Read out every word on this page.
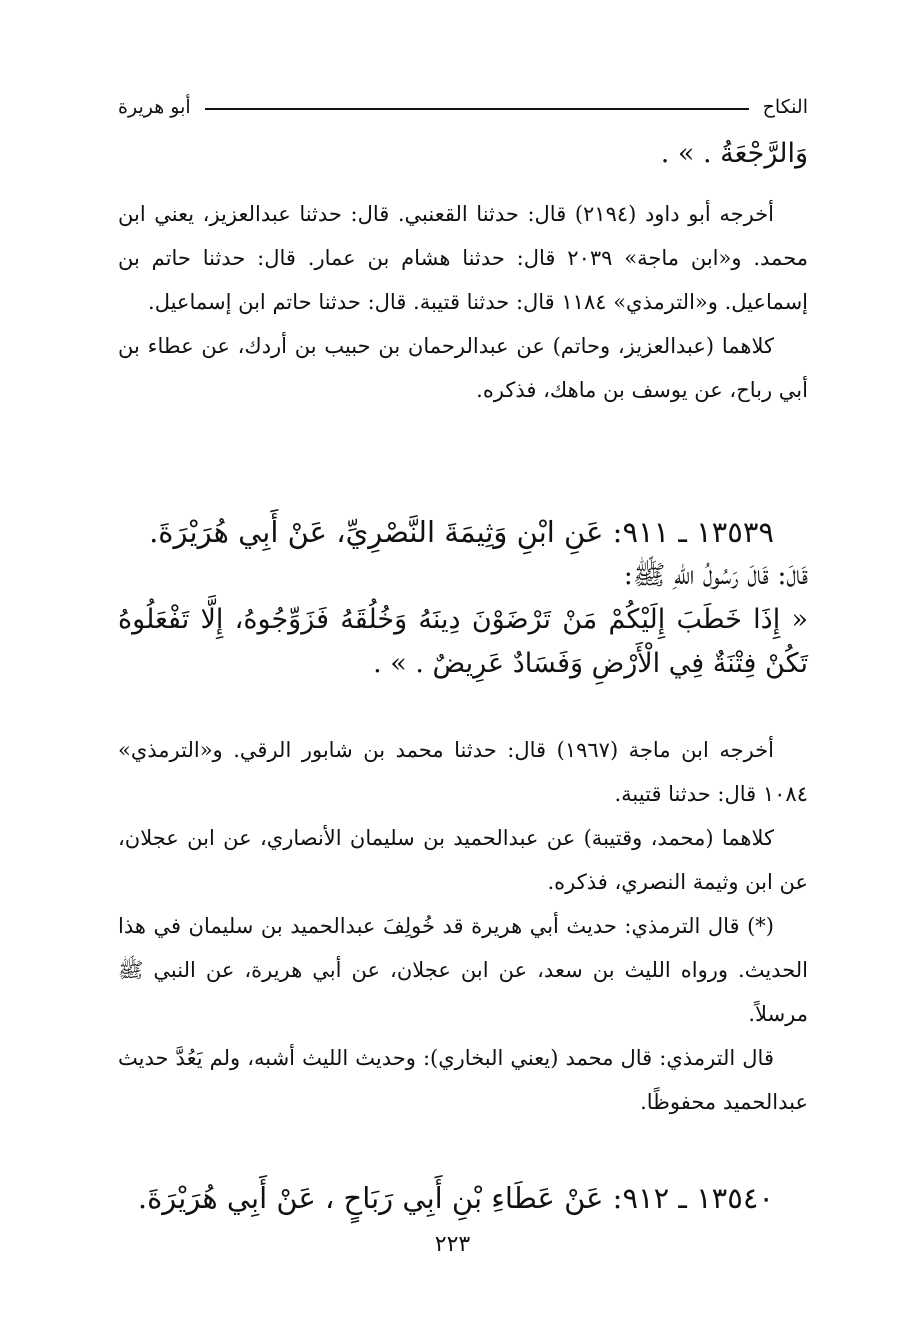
النكاح
أبو هريرة

وَالرَّجْعَةُ . » .

أخرجه أبو داود (٢١٩٤) قال: حدثنا القعنبي. قال: حدثنا عبدالعزيز، يعني ابن محمد. و«ابن ماجة» ٢٠٣٩ قال: حدثنا هشام بن عمار. قال: حدثنا حاتم بن إسماعيل. و«الترمذي» ١١٨٤ قال: حدثنا قتيبة. قال: حدثنا حاتم ابن إسماعيل.

كلاهما (عبدالعزيز، وحاتم) عن عبدالرحمان بن حبيب بن أردك، عن عطاء بن أبي رباح، عن يوسف بن ماهك، فذكره.

١٣٥٣٩ ـ ٩١١: عَنِ ابْنِ وَثِيمَةَ النَّصْرِيِّ، عَنْ أَبِي هُرَيْرَةَ.

قَالَ: قَالَ رَسُولُ اللهِ ﷺ:

« إِذَا خَطَبَ إِلَيْكُمْ مَنْ تَرْضَوْنَ دِينَهُ وَخُلُقَهُ فَزَوِّجُوهُ، إِلَّا تَفْعَلُوهُ تَكُنْ فِتْنَةٌ فِي الْأَرْضِ وَفَسَادٌ عَرِيضٌ . » .

أخرجه ابن ماجة (١٩٦٧) قال: حدثنا محمد بن شابور الرقي. و«الترمذي» ١٠٨٤ قال: حدثنا قتيبة.

كلاهما (محمد، وقتيبة) عن عبدالحميد بن سليمان الأنصاري، عن ابن عجلان، عن ابن وثيمة النصري، فذكره.

(*) قال الترمذي: حديث أبي هريرة قد خُولِفَ عبدالحميد بن سليمان في هذا الحديث. ورواه الليث بن سعد، عن ابن عجلان، عن أبي هريرة، عن النبي ﷺ مرسلاً.

قال الترمذي: قال محمد (يعني البخاري): وحديث الليث أشبه، ولم يَعُدَّ حديث عبدالحميد محفوظًا.

١٣٥٤٠ ـ ٩١٢: عَنْ عَطَاءِ بْنِ أَبِي رَبَاحٍ ، عَنْ أَبِي هُرَيْرَةَ.

٢٢٣
